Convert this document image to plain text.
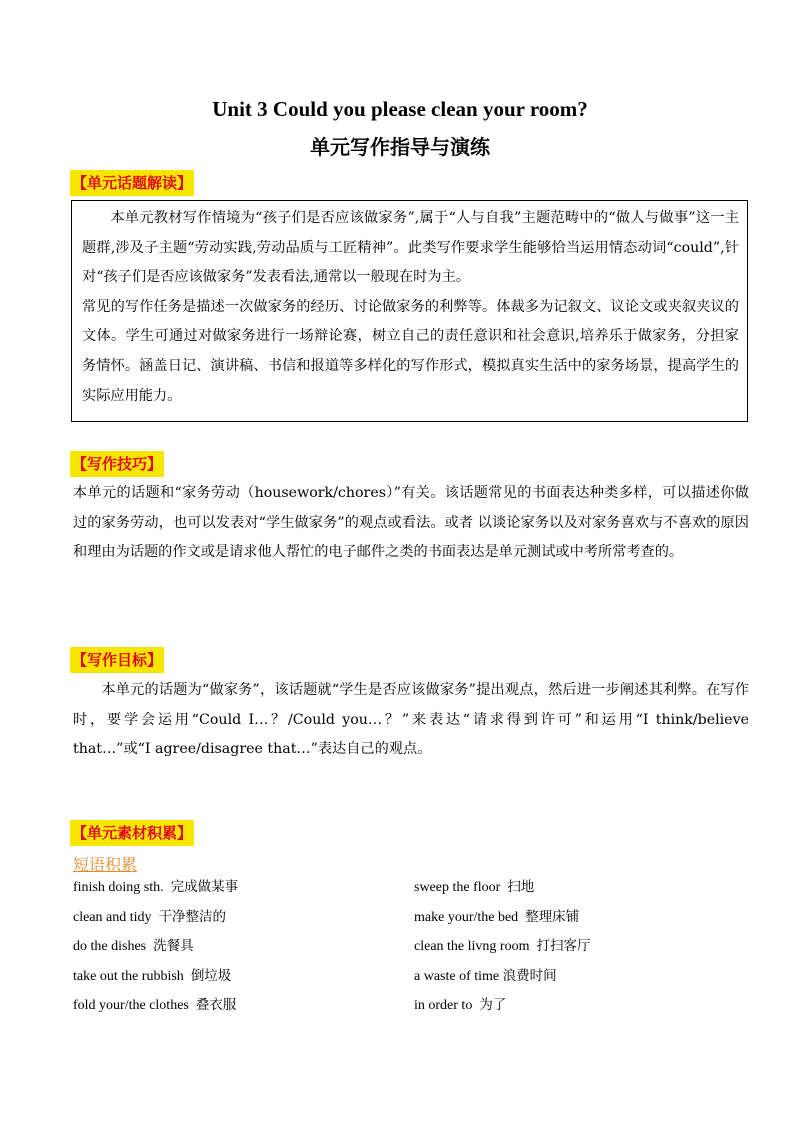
Unit 3 Could you please clean your room?
单元写作指导与演练
【单元话题解读】

本单元教材写作情境为“孩子们是否应该做家务”,属于“人与自我”主题范畴中的“做人与做事”这一主题群,涉及子主题“劳动实践,劳动品质与工匠精神”。此类写作要求学生能够恰当运用情态动词“could”,针对“孩子们是否应该做家务”发表看法,通常以一般现在时为主。

常见的写作任务是描述一次做家务的经历、讨论做家务的利弊等。体裁多为记叙文、议论文或夹叙夹议的文体。学生可通过对做家务进行一场辩论赛，树立自己的责任意识和社会意识,培养乐于做家务，分担家务情怀。涵盖日记、演讲稿、书信和报道等多样化的写作形式，模拟真实生活中的家务场景，提高学生的实际应用能力。

【写作技巧】

本单元的话题和“家务劳动（housework/chores）”有关。该话题常见的书面表达种类多样，可以描述你做过的家务劳动，也可以发表对“学生做家务”的观点或看法。或者 以谈论家务以及对家务喜欢与不喜欢的原因和理由为话题的作文或是请求他人帮忙的电子邮件之类的书面表达是单元测试或中考所常考查的。

【写作目标】

本单元的话题为“做家务”，该话题就“学生是否应该做家务”提出观点，然后进一步阐述其利弊。在写作时，要学会运用“Could I…？/Could you…？”来表达“请求得到许可”和运用“I think/believe that…”或“I agree/disagree that…”表达自己的观点。

【单元素材积累】
短语积累
finish doing sth. 完成做某事	sweep the floor 扫地
clean and tidy 干净整洁的	make your/the bed 整理床铺
do the dishes 洗餐具	clean the livng room 打扫客厅
take out the rubbish 倒垃圾	a waste of time 浪费时间
fold your/the clothes 叠衣服	in order to 为了
